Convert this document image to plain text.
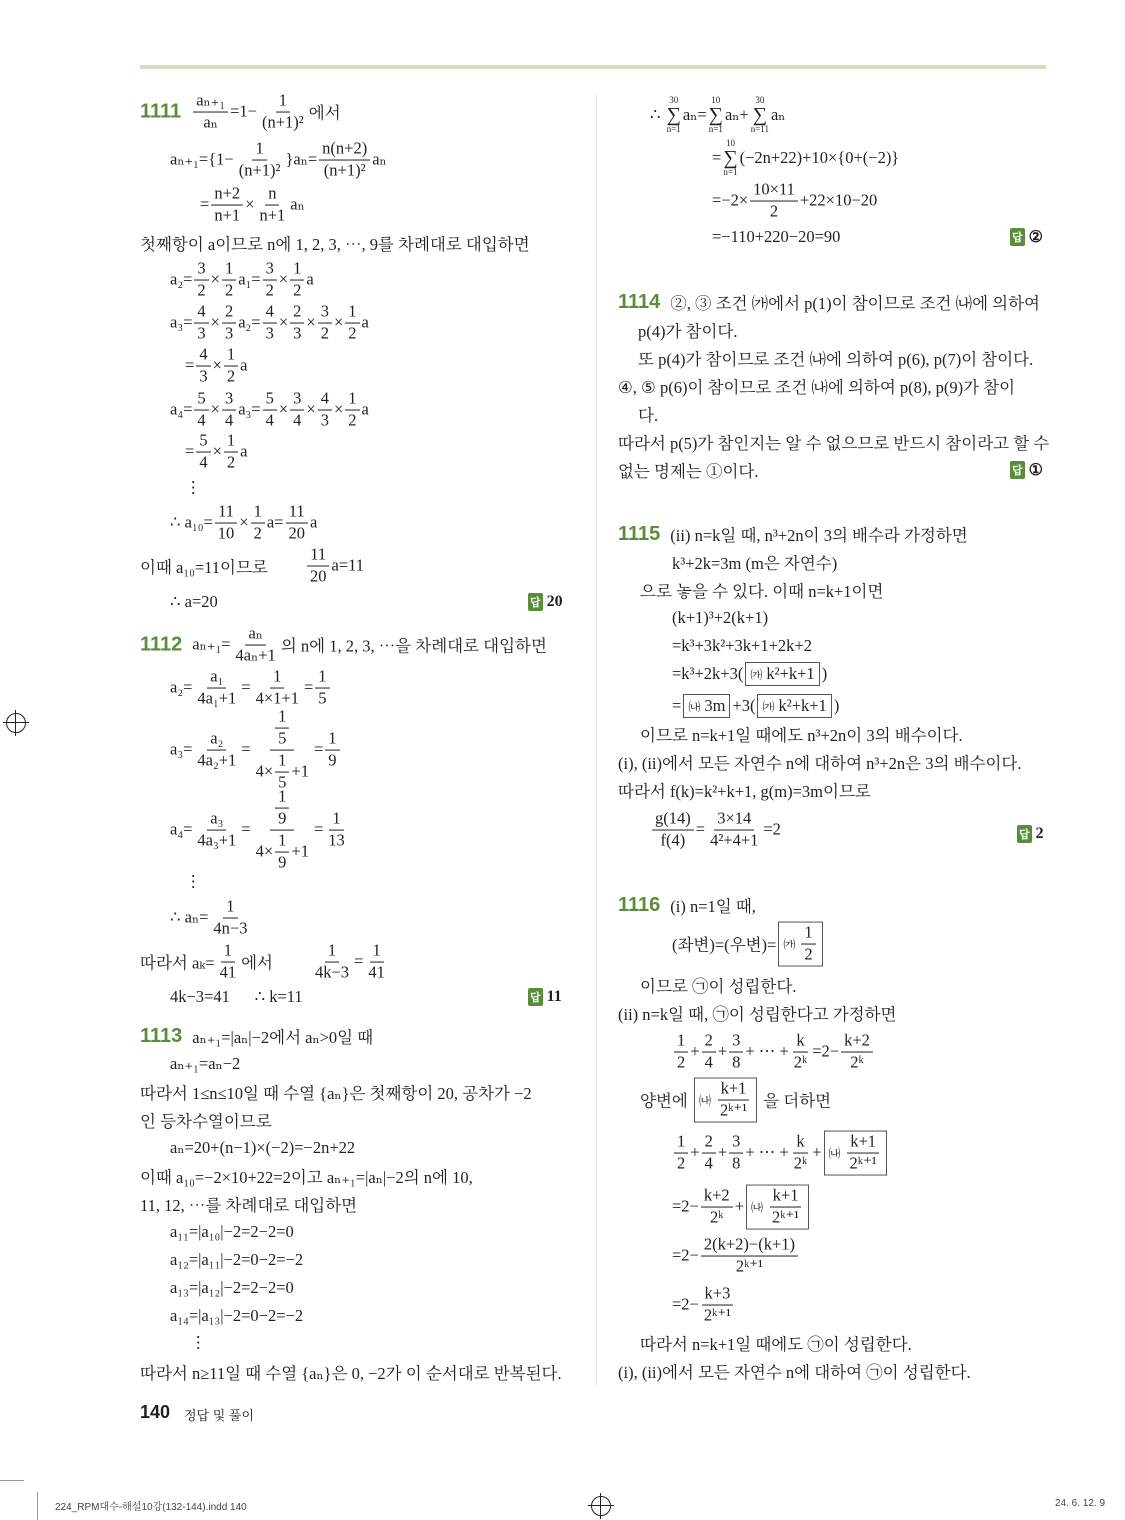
$1111 \frac{\text{aₙ₊₁}}{\text{aₙ}} =1- \frac{1}{\text{(n+1)²}}$ 에서
$a_{n+1}=\{1- \frac{1}{\text{(n+1)²}} \}a_n= \frac{n(n+2)}{\text{(n+1)²}}$ aₙ
= $\frac{n+2}{n+1} \times \frac{n}{n+1}$ aₙ
첫째항이 a이므로 n에 1, 2, 3, ⋯, 9를 차례대로 대입하면
$a_2= \frac{3}{2} \times \frac{1}{2} a_1= \frac{3}{2} \times \frac{1}{2}$ a
$a_3= \frac{4}{3} \times \frac{2}{3} a_2= \frac{4}{3} \times \frac{2}{3} \times \frac{3}{2} \times \frac{1}{2}$ a
= $\frac{4}{3} \times \frac{1}{2}$ a
$a_4= \frac{5}{4} \times \frac{3}{4} a_3= \frac{5}{4} \times \frac{3}{4} \times \frac{4}{3} \times \frac{1}{2}$ a
= $\frac{5}{4} \times \frac{1}{2}$ a
⋮
∴ $a_{10}= \frac{11}{10} \times \frac{1}{2} a= \frac{11}{20}$ a
이때 a₁₀=11이므로 $\frac{11}{20} a=11$
∴ a=20
1112 $a_{n+1}= \frac{\text{aₙ}}{\text{4aₙ+1}}$ 의 n에 1, 2, 3, ⋯을 차례대로 대입하면
$a_2= \frac{\text{a₁}}{\text{4a₁+1}} = \frac{1}{4\times 1+1} = \frac{1}{5}$
$a_3= \frac{\text{a₂}}{\text{4a₂+1}} = \frac{\frac{1}{5}}{4\times \frac{1}{5} +1} = \frac{1}{9}$
$a_4= \frac{\text{a₃}}{\text{4a₃+1}} = \frac{\frac{1}{9}}{4\times \frac{1}{9} +1} = \frac{1}{13}$
⋮
∴ $a_n= \frac{1}{4n-3}$
따라서 $a_k= \frac{1}{41}$ 에서 $\frac{1}{4k-3} = \frac{1}{41}$
4k−3=41      ∴ k=11
1113 aₙ₊₁=|aₙ|−2에서 aₙ>0일 때
aₙ₊₁=aₙ−2
따라서 1≤n≤10일 때 수열 {aₙ}은 첫째항이 20, 공차가 −2
인 등차수열이므로
aₙ=20+(n−1)×(−2)=−2n+22
이때 a₁₀=−2×10+22=2이고 aₙ₊₁=|aₙ|−2의 n에 10,
11, 12, ⋯를 차례대로 대입하면
a₁₁=|a₁₀|−2=2−2=0
a₁₂=|a₁₁|−2=0−2=−2
a₁₃=|a₁₂|−2=2−2=0
a₁₄=|a₁₃|−2=0−2=−2
⋮
따라서 n≥11일 때 수열 {aₙ}은 0, −2가 이 순서대로 반복된다.
∴
30
∑
n=1
aₙ=
10
∑
n=1
aₙ+
30
∑
n=11
aₙ
=
10
∑
n=1
(−2n+22)+10×{0+(−2)}
$=-2\times \frac{10\times 11}{2} +22\times 10-20$
=−110+220−20=90
1114 ②, ③ 조건 ㈎에서 p(1)이 참이므로 조건 ㈏에 의하여
p(4)가 참이다.
또 p(4)가 참이므로 조건 ㈏에 의하여 p(6), p(7)이 참이다.
④, ⑤ p(6)이 참이므로 조건 ㈏에 의하여 p(8), p(9)가 참이
다.
따라서 p(5)가 참인지는 알 수 없으므로 반드시 참이라고 할 수
없는 명제는 ①이다.
1115 (ii) n=k일 때, n³+2n이 3의 배수라 가정하면
k³+2k=3m (m은 자연수)
으로 놓을 수 있다. 이때 n=k+1이면
(k+1)³+2(k+1)
=k³+3k²+3k+1+2k+2
=k³+2k+3( ㈎ k²+k+1 )
= ㈏ 3m +3( ㈎ k²+k+1 )
이므로 n=k+1일 때에도 n³+2n이 3의 배수이다.
(i), (ii)에서 모든 자연수 n에 대하여 n³+2n은 3의 배수이다.
따라서 f(k)=k²+k+1, g(m)=3m이므로
$\frac{g(14)}{f(4)} = \frac{3\times 14}{\text{4²+4+1}} =2$
1116 (i) n=1일 때,
(좌변)=(우변)= ㈎ $\frac{1}{2}$
이므로 ㉠이 성립한다.
(ii) n=k일 때, ㉠이 성립한다고 가정하면
$\frac{1}{2} + \frac{2}{4} + \frac{3}{8}$ + ⋯ + $\frac{k}{\text{2ᵏ}} =2- \frac{k+2}{\text{2ᵏ}}$
양변에 ㈏ $\frac{k+1}{\text{2ᵏ⁺¹}}$ 을 더하면
$\frac{1}{2} + \frac{2}{4} + \frac{3}{8}$ + ⋯ + $\frac{k}{\text{2ᵏ}}$ + ㈏ $\frac{k+1}{\text{2ᵏ⁺¹}}$
$=2- \frac{k+2}{\text{2ᵏ}}$ + ㈏ $\frac{k+1}{\text{2ᵏ⁺¹}}$
$=2- \frac{2(k+2)-(k+1)}{\text{2ᵏ⁺¹}}$
$=2- \frac{k+3}{\text{2ᵏ⁺¹}}$
따라서 n=k+1일 때에도 ㉠이 성립한다.
(i), (ii)에서 모든 자연수 n에 대하여 ㉠이 성립한다.
답 20
답 11
답 ②
답 ①
답 2
140 정답 및 풀이
224_RPM대수-해설10강(132-144).indd 140	24. 6. 12. 9
